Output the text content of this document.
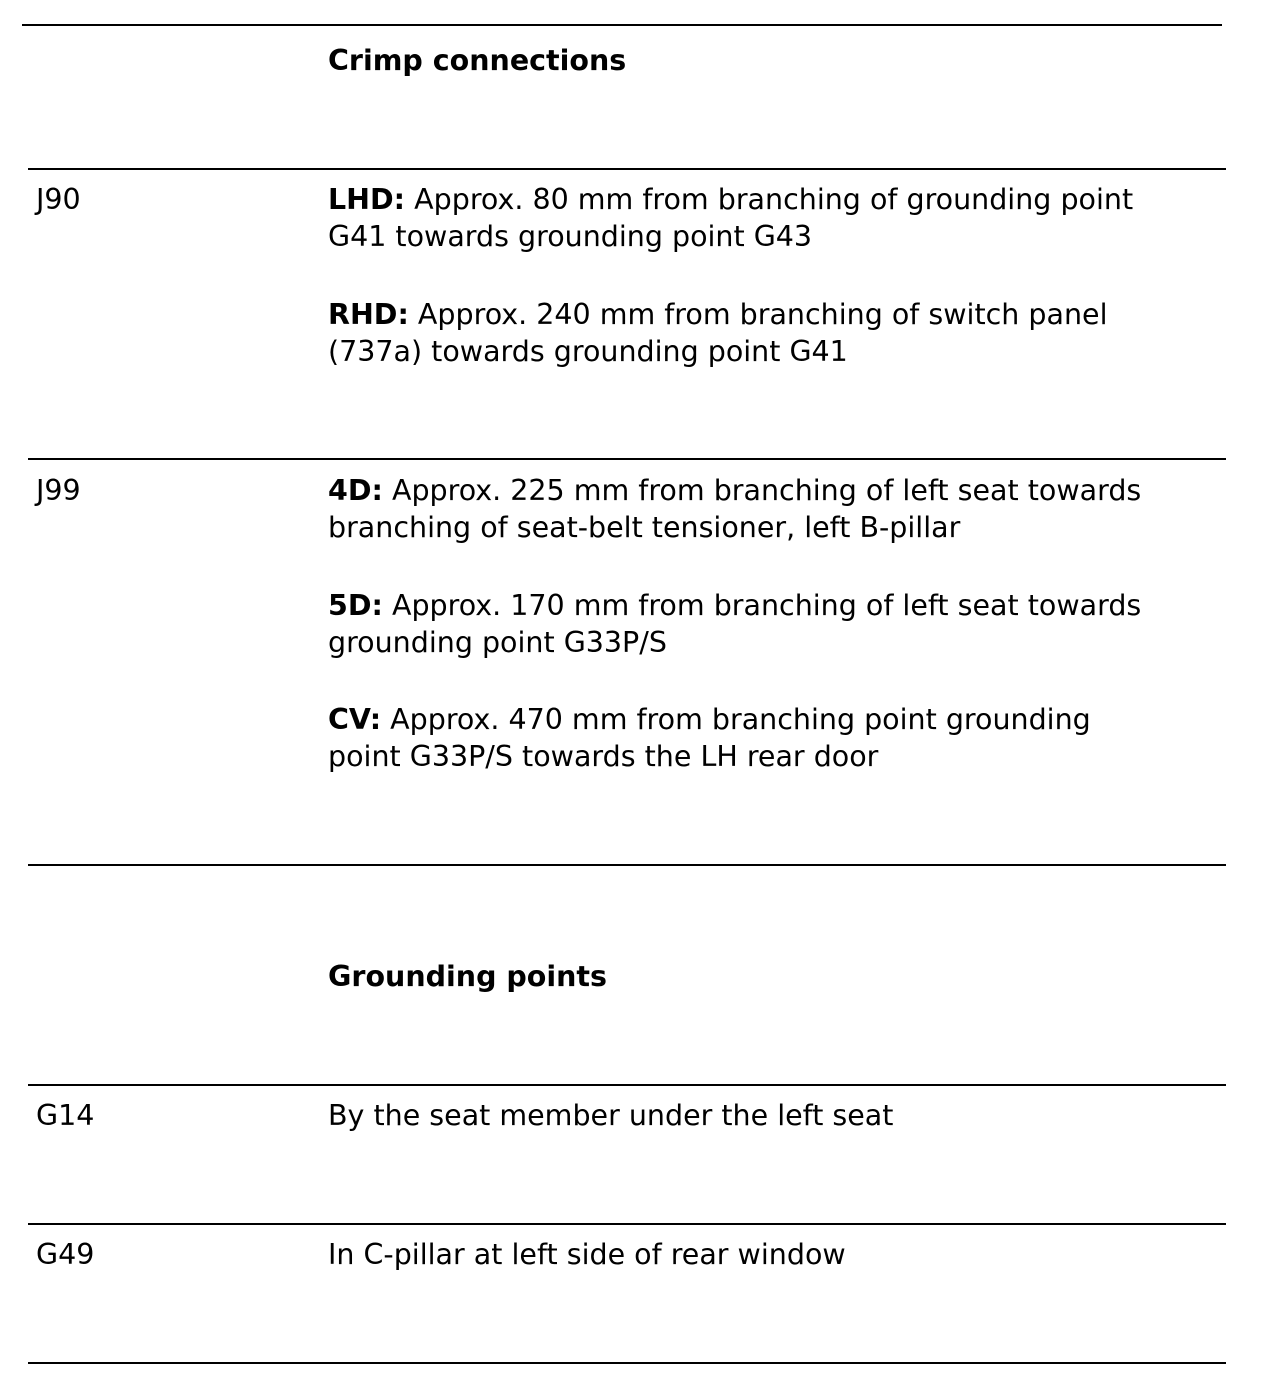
Crimp connections
J90	LHD: Approx. 80 mm from branching of grounding point
G41 towards grounding point G43
RHD: Approx. 240 mm from branching of switch panel
(737a) towards grounding point G41
J99	4D: Approx. 225 mm from branching of left seat towards
branching of seat-belt tensioner, left B-pillar
5D: Approx. 170 mm from branching of left seat towards
grounding point G33P/S
CV: Approx. 470 mm from branching point grounding
point G33P/S towards the LH rear door
Grounding points
G14	By the seat member under the left seat
G49	In C-pillar at left side of rear window
